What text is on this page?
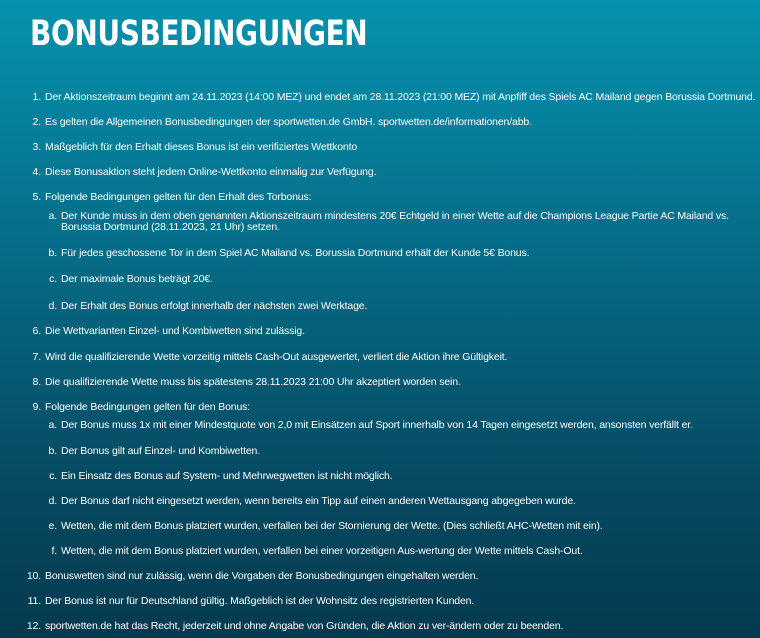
BONUSBEDINGUNGEN
1. Der Aktionszeitraum beginnt am 24.11.2023 (14:00 MEZ) und endet am 28.11.2023 (21:00 MEZ) mit Anpfiff des Spiels AC Mailand gegen Borussia Dortmund.
2. Es gelten die Allgemeinen Bonusbedingungen der sportwetten.de GmbH. sportwetten.de/informationen/abb.
3. Maßgeblich für den Erhalt dieses Bonus ist ein verifiziertes Wettkonto
4. Diese Bonusaktion steht jedem Online-Wettkonto einmalig zur Verfügung.
5. Folgende Bedingungen gelten für den Erhalt des Torbonus:
a. Der Kunde muss in dem oben genannten Aktionszeitraum mindestens 20€ Echtgeld in einer Wette auf die Champions League Partie AC Mailand vs. Borussia Dortmund (28.11.2023, 21 Uhr) setzen.
b. Für jedes geschossene Tor in dem Spiel AC Mailand vs. Borussia Dortmund erhält der Kunde 5€ Bonus.
c. Der maximale Bonus beträgt 20€.
d. Der Erhalt des Bonus erfolgt innerhalb der nächsten zwei Werktage.
6. Die Wettvarianten Einzel- und Kombiwetten sind zulässig.
7. Wird die qualifizierende Wette vorzeitig mittels Cash-Out ausgewertet, verliert die Aktion ihre Gültigkeit.
8. Die qualifizierende Wette muss bis spätestens 28.11.2023 21:00 Uhr akzeptiert worden sein.
9. Folgende Bedingungen gelten für den Bonus:
a. Der Bonus muss 1x mit einer Mindestquote von 2,0 mit Einsätzen auf Sport innerhalb von 14 Tagen eingesetzt werden, ansonsten verfällt er.
b. Der Bonus gilt auf Einzel- und Kombiwetten.
c. Ein Einsatz des Bonus auf System- und Mehrwegwetten ist nicht möglich.
d. Der Bonus darf nicht eingesetzt werden, wenn bereits ein Tipp auf einen anderen Wettausgang abgegeben wurde.
e. Wetten, die mit dem Bonus platziert wurden, verfallen bei der Stornierung der Wette. (Dies schließt AHC-Wetten mit ein).
f. Wetten, die mit dem Bonus platziert wurden, verfallen bei einer vorzeitigen Aus-wertung der Wette mittels Cash-Out.
10. Bonuswetten sind nur zulässig, wenn die Vorgaben der Bonusbedingungen eingehalten werden.
11. Der Bonus ist nur für Deutschland gültig. Maßgeblich ist der Wohnsitz des registrierten Kunden.
12. sportwetten.de hat das Recht, jederzeit und ohne Angabe von Gründen, die Aktion zu ver-ändern oder zu beenden.
